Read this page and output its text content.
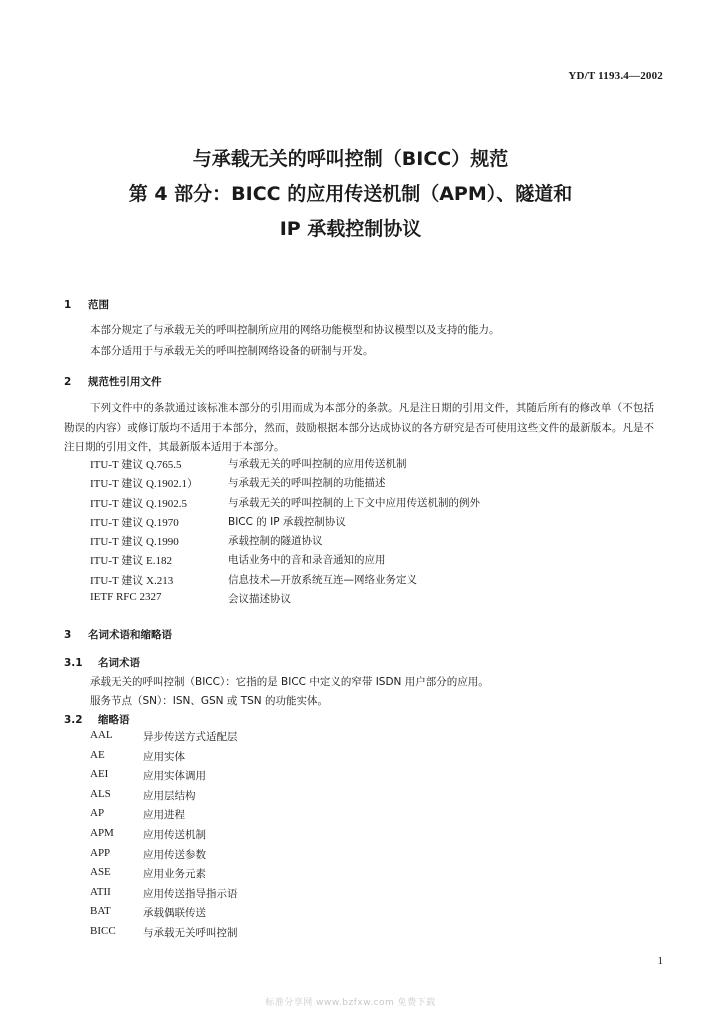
YD/T 1193.4—2002
与承载无关的呼叫控制（BICC）规范
第 4 部分：BICC 的应用传送机制（APM）、隧道和
IP 承载控制协议
1 范围
本部分规定了与承载无关的呼叫控制所应用的网络功能模型和协议模型以及支持的能力。
本部分适用于与承载无关的呼叫控制网络设备的研制与开发。
2 规范性引用文件
下列文件中的条款通过该标准本部分的引用而成为本部分的条款。凡是注日期的引用文件，其随后所有的修改单（不包括勘误的内容）或修订版均不适用于本部分，然而，鼓励根据本部分达成协议的各方研究是否可使用这些文件的最新版本。凡是不注日期的引用文件，其最新版本适用于本部分。
ITU-T 建议 Q.765.5	与承载无关的呼叫控制的应用传送机制
ITU-T 建议 Q.1902.1）	与承载无关的呼叫控制的功能描述
ITU-T 建议 Q.1902.5	与承载无关的呼叫控制的上下文中应用传送机制的例外
ITU-T 建议 Q.1970	BICC 的 IP 承载控制协议
ITU-T 建议 Q.1990	承载控制的隧道协议
ITU-T 建议 E.182	电话业务中的音和录音通知的应用
ITU-T 建议 X.213	信息技术—开放系统互连—网络业务定义
IETF RFC 2327	会议描述协议
3 名词术语和缩略语
3.1 名词术语
承载无关的呼叫控制（BICC）：它指的是 BICC 中定义的窄带 ISDN 用户部分的应用。
服务节点（SN）：ISN、GSN 或 TSN 的功能实体。
3.2 缩略语
AAL	异步传送方式适配层
AE	应用实体
AEI	应用实体调用
ALS	应用层结构
AP	应用进程
APM	应用传送机制
APP	应用传送参数
ASE	应用业务元素
ATII	应用传送指导指示语
BAT	承载偶联传送
BICC	与承载无关呼叫控制
1
标准分享网 www.bzfxw.com 免费下载
